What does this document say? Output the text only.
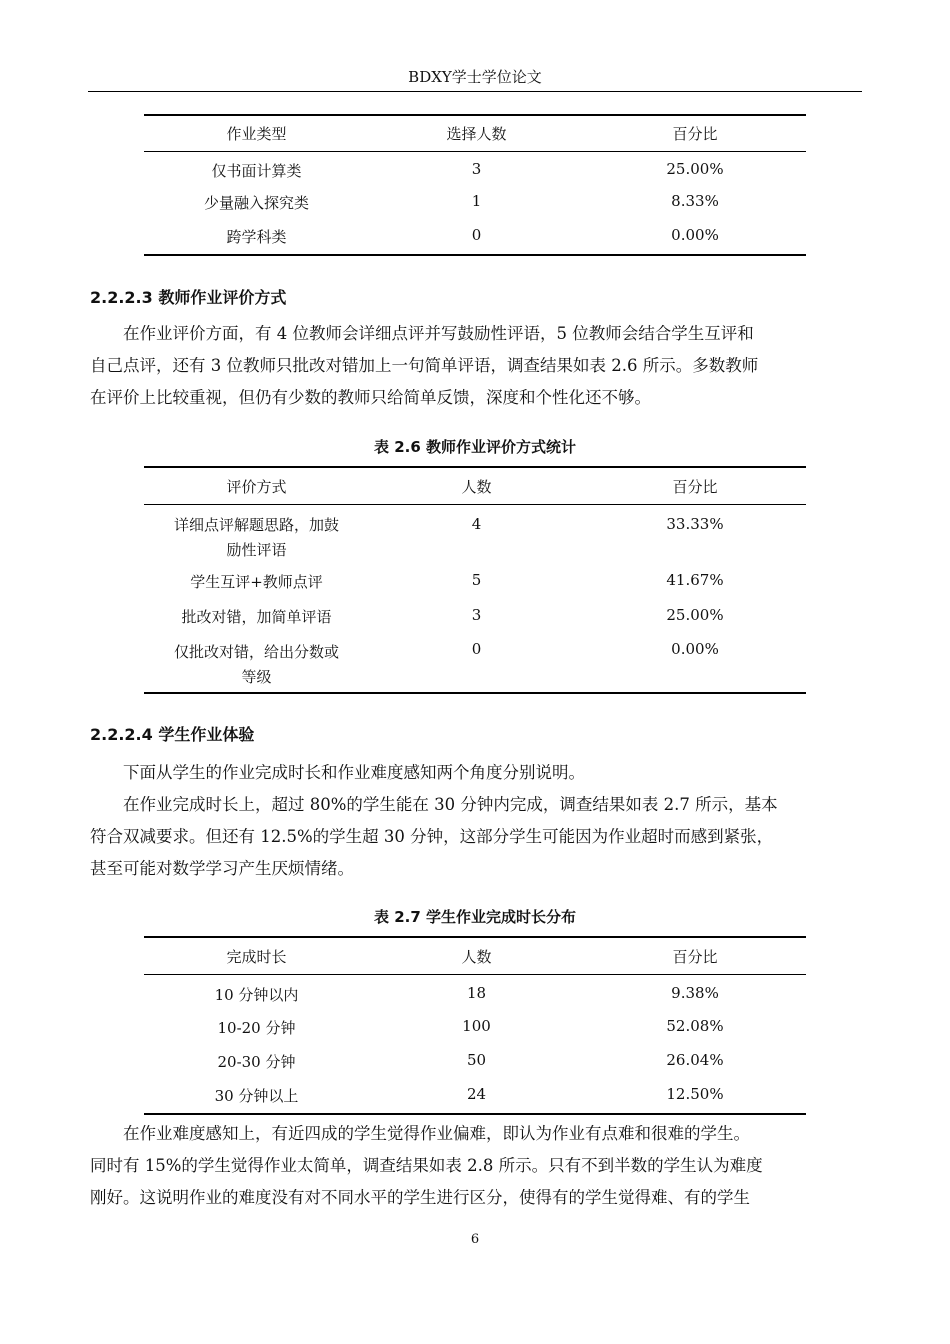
BDXY学士学位论文
作业类型	选择人数	百分比
仅书面计算类	3	25.00%
少量融入探究类	1	8.33%
跨学科类	0	0.00%
2.2.2.3 教师作业评价方式
在作业评价方面，有 4 位教师会详细点评并写鼓励性评语，5 位教师会结合学生互评和
自己点评，还有 3 位教师只批改对错加上一句简单评语，调查结果如表 2.6 所示。多数教师
在评价上比较重视，但仍有少数的教师只给简单反馈，深度和个性化还不够。
表 2.6 教师作业评价方式统计
评价方式	人数	百分比

详细点评解题思路，加鼓
励性评语	4	33.33%
学生互评+教师点评	5	41.67%
批改对错，加简单评语	3	25.00%

仅批改对错，给出分数或
等级	0	0.00%
2.2.2.4 学生作业体验
下面从学生的作业完成时长和作业难度感知两个角度分别说明。
在作业完成时长上，超过 80%的学生能在 30 分钟内完成，调查结果如表 2.7 所示，基本
符合双减要求。但还有 12.5%的学生超 30 分钟，这部分学生可能因为作业超时而感到紧张，
甚至可能对数学学习产生厌烦情绪。
表 2.7 学生作业完成时长分布
完成时长	人数	百分比
10 分钟以内	18	9.38%
10-20 分钟	100	52.08%
20-30 分钟	50	26.04%
30 分钟以上	24	12.50%
在作业难度感知上，有近四成的学生觉得作业偏难，即认为作业有点难和很难的学生。
同时有 15%的学生觉得作业太简单，调查结果如表 2.8 所示。只有不到半数的学生认为难度
刚好。这说明作业的难度没有对不同水平的学生进行区分，使得有的学生觉得难、有的学生
6
